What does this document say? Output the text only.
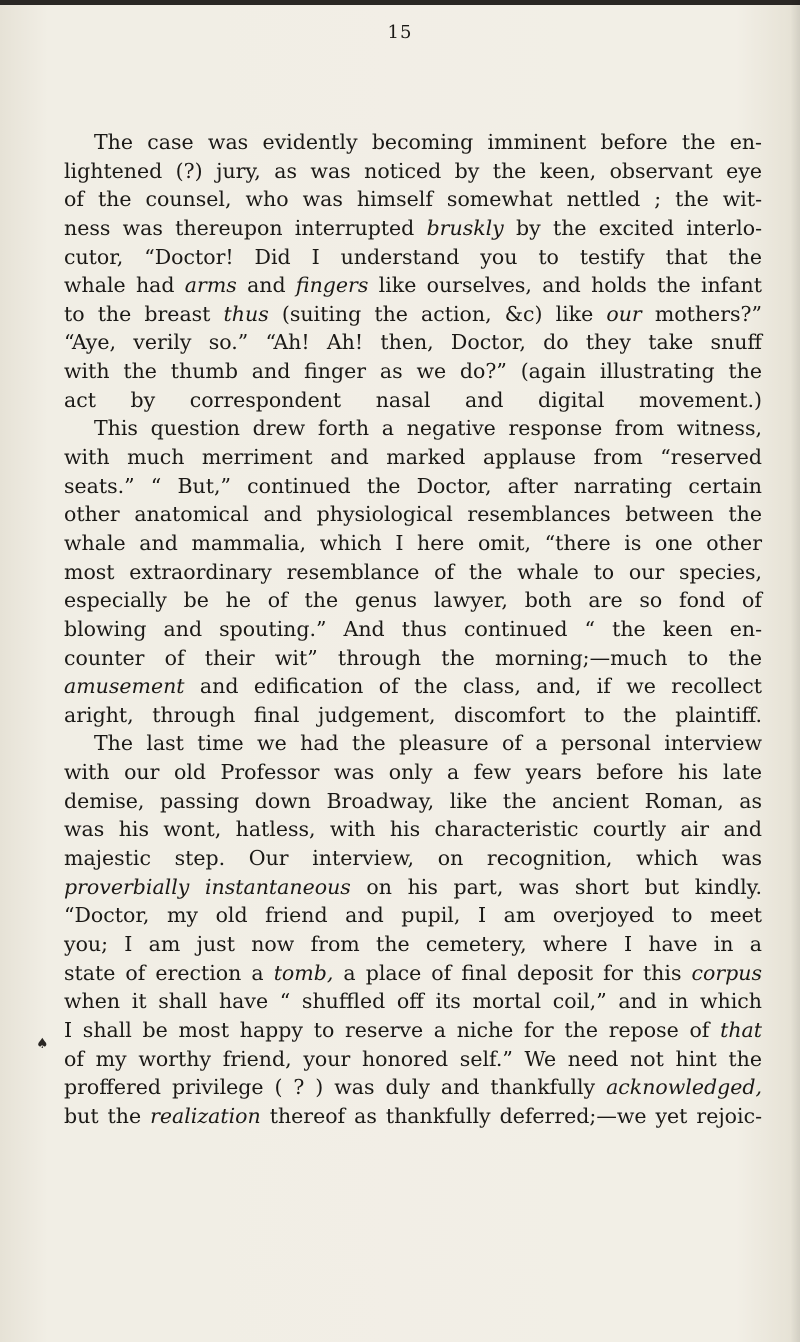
15
♠
The case was evidently becoming imminent before the en-
lightened (?) jury, as was noticed by the keen, observant eye
of the counsel, who was himself somewhat nettled ; the wit-
ness was thereupon interrupted bruskly by the excited interlo-
cutor, “Doctor! Did I understand you to testify that the
whale had arms and fingers like ourselves, and holds the infant
to the breast thus (suiting the action, &c) like our mothers?”
“Aye, verily so.” “Ah! Ah! then, Doctor, do they take snuff
with the thumb and finger as we do?” (again illustrating the
act by correspondent nasal and digital movement.)
This question drew forth a negative response from witness,
with much merriment and marked applause from “reserved
seats.” “ But,” continued the Doctor, after narrating certain
other anatomical and physiological resemblances between the
whale and mammalia, which I here omit, “there is one other
most extraordinary resemblance of the whale to our species,
especially be he of the genus lawyer, both are so fond of
blowing and spouting.” And thus continued “ the keen en-
counter of their wit” through the morning;—much to the
amusement and edification of the class, and, if we recollect
aright, through final judgement, discomfort to the plaintiff.
The last time we had the pleasure of a personal interview
with our old Professor was only a few years before his late
demise, passing down Broadway, like the ancient Roman, as
was his wont, hatless, with his characteristic courtly air and
majestic step. Our interview, on recognition, which was
proverbially instantaneous on his part, was short but kindly.
“Doctor, my old friend and pupil, I am overjoyed to meet
you; I am just now from the cemetery, where I have in a
state of erection a tomb, a place of final deposit for this corpus
when it shall have “ shuffled off its mortal coil,” and in which
I shall be most happy to reserve a niche for the repose of that
of my worthy friend, your honored self.” We need not hint the
proffered privilege ( ? ) was duly and thankfully acknowledged,
but the realization thereof as thankfully deferred;—we yet rejoic-
